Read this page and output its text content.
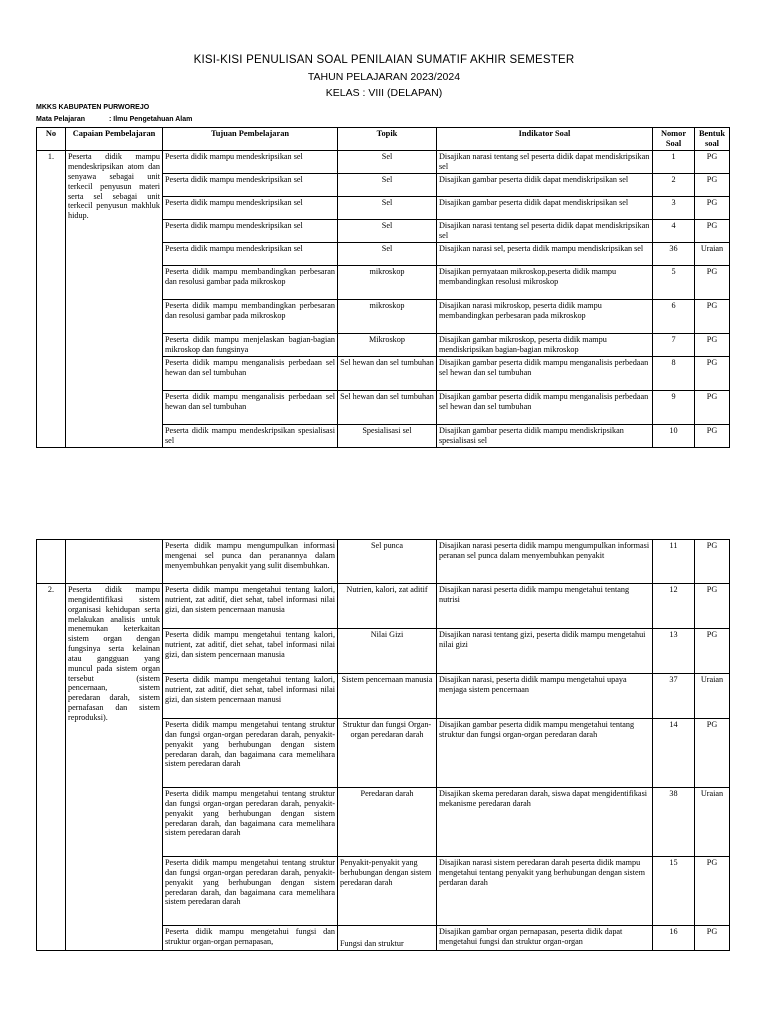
KISI-KISI PENULISAN SOAL PENILAIAN SUMATIF AKHIR SEMESTER
TAHUN PELAJARAN 2023/2024
KELAS : VIII (DELAPAN)
MKKS KABUPATEN PURWOREJO
Mata Pelajaran	: Ilmu Pengetahuan Alam
No	Capaian Pembelajaran	Tujuan Pembelajaran	Topik	Indikator Soal	Nomor Soal	Bentuk soal
1.	Peserta didik mampu mendeskripsikan atom dan senyawa sebagai unit terkecil penyusun materi serta sel sebagai unit terkecil penyusun makhluk hidup.	Peserta didik mampu mendeskripsikan sel	Sel	Disajikan narasi tentang sel peserta didik dapat mendiskripsikan sel	1	PG
		Peserta didik mampu mendeskripsikan sel	Sel	Disajikan gambar peserta didik dapat mendiskripsikan sel	2	PG
		Peserta didik mampu mendeskripsikan sel	Sel	Disajikan gambar peserta didik dapat mendiskripsikan sel	3	PG
		Peserta didik mampu mendeskripsikan sel	Sel	Disajikan narasi tentang sel peserta didik dapat mendiskripsikan sel	4	PG
		Peserta didik mampu mendeskripsikan sel	Sel	Disajikan narasi sel, peserta didik mampu mendiskripsikan sel	36	Uraian
		Peserta didik mampu membandingkan perbesaran dan resolusi gambar pada mikroskop	mikroskop	Disajikan pernyataan mikroskop,peserta didik mampu membandingkan resolusi mikroskop	5	PG
		Peserta didik mampu membandingkan perbesaran dan resolusi gambar pada mikroskop	mikroskop	Disajikan narasi mikroskop, peserta didik mampu membandingkan perbesaran pada mikroskop	6	PG
		Peserta didik mampu menjelaskan bagian-bagian mikroskop dan fungsinya	Mikroskop	Disajikan gambar mikroskop, peserta didik mampu mendiskripsikan bagian-bagian mikroskop	7	PG
		Peserta didik mampu menganalisis perbedaan sel hewan dan sel tumbuhan	Sel hewan dan sel tumbuhan	Disajikan gambar peserta didik mampu menganalisis perbedaan sel hewan dan sel tumbuhan	8	PG
		Peserta didik mampu menganalisis perbedaan sel hewan dan sel tumbuhan	Sel hewan dan sel tumbuhan	Disajikan gambar peserta didik mampu menganalisis perbedaan sel hewan dan sel tumbuhan	9	PG
		Peserta didik mampu mendeskripsikan spesialisasi sel	Spesialisasi sel	Disajikan gambar peserta didik mampu mendiskripsikan spesialisasi sel	10	PG
		Peserta didik mampu mengumpulkan informasi mengenai sel punca dan peranannya dalam menyembuhkan penyakit yang sulit disembuhkan.	Sel punca	Disajikan narasi peserta didik mampu mengumpulkan informasi peranan sel punca dalam menyembuhkan penyakit	11	PG
2.	Peserta didik mampu mengidentifikasi sistem organisasi kehidupan serta melakukan analisis untuk menemukan keterkaitan sistem organ dengan fungsinya serta kelainan atau gangguan yang muncul pada sistem organ tersebut (sistem pencernaan, sistem peredaran darah, sistem pernafasan dan sistem reproduksi).	Peserta didik mampu mengetahui tentang kalori, nutrient, zat aditif, diet sehat, tabel informasi nilai gizi, dan sistem pencernaan manusia	Nutrien, kalori, zat aditif	Disajikan narasi peserta didik mampu mengetahui tentang nutrisi	12	PG
		Peserta didik mampu mengetahui tentang kalori, nutrient, zat aditif, diet sehat, tabel informasi nilai gizi, dan sistem pencernaan manusia	Nilai Gizi	Disajikan narasi tentang gizi, peserta didik mampu mengetahui nilai gizi	13	PG
		Peserta didik mampu mengetahui tentang kalori, nutrient, zat aditif, diet sehat, tabel informasi nilai gizi, dan sistem pencernaan manusi	Sistem pencernaan manusia	Disajikan narasi, peserta didik mampu mengetahui upaya menjaga sistem pencernaan	37	Uraian
		Peserta didik mampu mengetahui tentang struktur dan fungsi organ-organ peredaran darah, penyakit-penyakit yang berhubungan dengan sistem peredaran darah, dan bagaimana cara memelihara sistem peredaran darah	Struktur dan fungsi Organ- organ peredaran darah	Disajikan gambar peserta didik mampu mengetahui tentang struktur dan fungsi organ-organ peredaran darah	14	PG
		Peserta didik mampu mengetahui tentang struktur dan fungsi organ-organ peredaran darah, penyakit-penyakit yang berhubungan dengan sistem peredaran darah, dan bagaimana cara memelihara sistem peredaran darah	Peredaran darah	Disajikan skema peredaran darah, siswa dapat mengidentifikasi mekanisme peredaran darah	38	Uraian
		Peserta didik mampu mengetahui tentang struktur dan fungsi organ-organ peredaran darah, penyakit-penyakit yang berhubungan dengan sistem peredaran darah, dan bagaimana cara memelihara sistem peredaran darah	Penyakit-penyakit yang berhubungan dengan sistem peredaran darah	Disajikan narasi sistem peredaran darah peserta didik mampu mengetahui tentang penyakit yang berhubungan dengan sistem perdaran darah	15	PG
		Peserta didik mampu mengetahui fungsi dan struktur organ-organ pernapasan,	Fungsi dan struktur	Disajikan gambar organ pernapasan, peserta didik dapat mengetahui fungsi dan struktur organ-organ	16	PG
